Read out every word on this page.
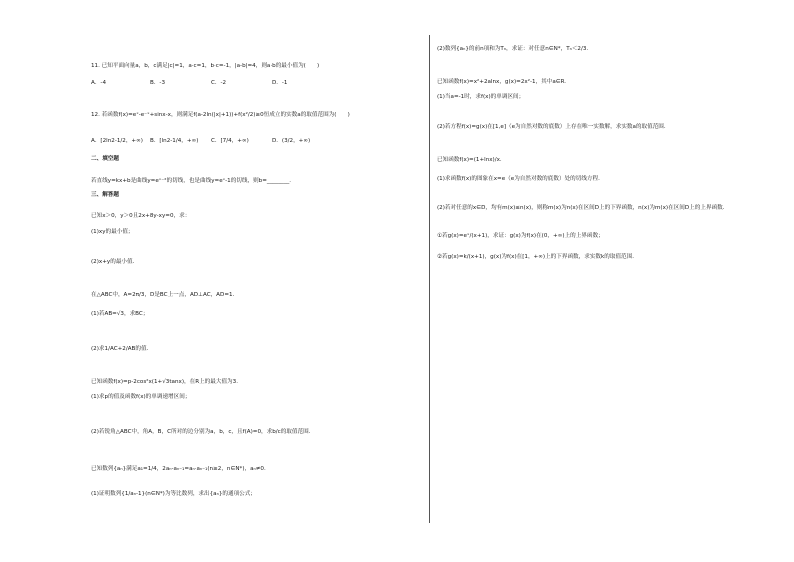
11. 已知平面向量a，b，c满足|c|=1，a·c=1，b·c=-1，|a-b|=4，则a·b的最小值为(　　)
A．-4	B．-3	C．-2	D．-1
12. 若函数f(x)=eˣ-e⁻ˣ+sinx-x，则满足f(a-2ln(|x|+1))+f(x²/2)≥0恒成立的实数a的取值范围为(　　)
A．[2ln2-1/2，+∞) B．[ln2-1/4，+∞) C．[7/4，+∞)	D．(3/2，+∞)
二、填空题
若直线y=kx+b是曲线y=eˣ⁻²的切线，也是曲线y=eˣ-1的切线，则b=________.
三、解答题
已知x＞0，y＞0且2x+8y-xy=0，求：
(1)xy的最小值；
(2)x+y的最小值．
在△ABC中，A=2π/3，D是BC上一点，AD⊥AC，AD=1．
(1)若AB=√3，求BC；
(2)求1/AC+2/AB的值．
已知函数f(x)=p-2cos²x(1+√3tanx)，在R上的最大值为3.
(1)求p的值及函数f(x)的单调递增区间；
(2)若锐角△ABC中，角A，B，C所对的边分别为a，b，c，且f(A)=0，求b/c的取值范围．
已知数列{aₙ}满足a₁=1/4，2aₙ-aₙ₋₁=aₙ·aₙ₋₁(n≥2，n∈N*)，aₙ≠0.
(1)证明数列{1/aₙ-1}(n∈N*)为等比数列，求出{aₙ}的通项公式；
(2)数列{aₙ}的前n项和为Tₙ，求证：对任意n∈N*，Tₙ＜2/3.
已知函数f(x)=x²+2alnx，g(x)=2x²-1，其中a∈R.
(1)当a=-1时，求f(x)的单调区间；
(2)若方程f(x)=g(x)在[1,e]（e为自然对数的底数）上存在唯一实数解，求实数a的取值范围．
已知函数f(x)=(1+lnx)/x.
(1)求函数f(x)的图象在x=e（e为自然对数的底数）处的切线方程．
(2)若对任意的x∈D，均有m(x)≤n(x)，则称m(x)为n(x)在区间D上的下界函数，n(x)为m(x)在区间D上的上界函数．
①若g(x)=eˣ/(x+1)，求证：g(x)为f(x)在(0，+∞)上的上界函数；
②若g(x)=k/(x+1)，g(x)为f(x)在[1，+∞)上的下界函数，求实数k的取值范围．
